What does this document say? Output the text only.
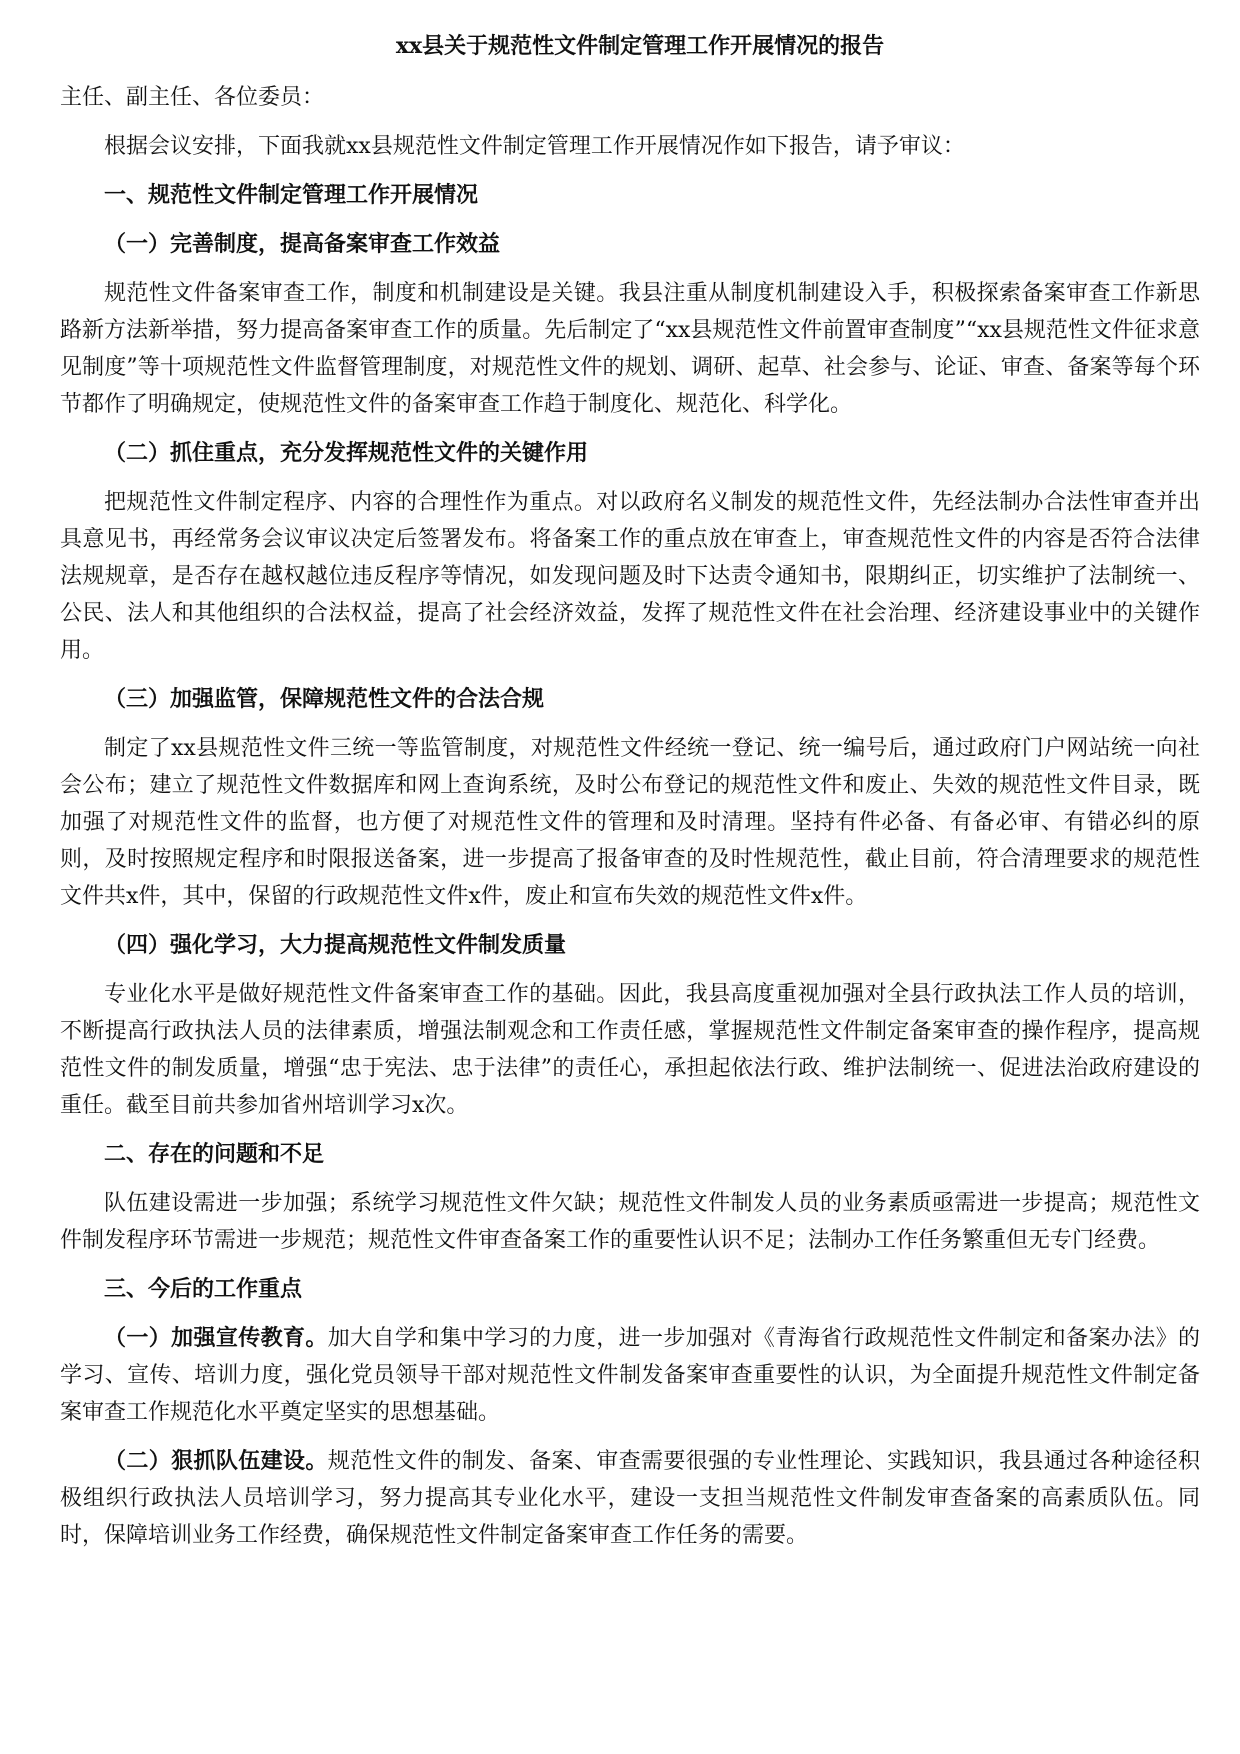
xx县关于规范性文件制定管理工作开展情况的报告
主任、副主任、各位委员：
根据会议安排，下面我就xx县规范性文件制定管理工作开展情况作如下报告，请予审议：
一、规范性文件制定管理工作开展情况
（一）完善制度，提高备案审查工作效益
规范性文件备案审查工作，制度和机制建设是关键。我县注重从制度机制建设入手，积极探索备案审查工作新思路新方法新举措，努力提高备案审查工作的质量。先后制定了“xx县规范性文件前置审查制度”“xx县规范性文件征求意见制度”等十项规范性文件监督管理制度，对规范性文件的规划、调研、起草、社会参与、论证、审查、备案等每个环节都作了明确规定，使规范性文件的备案审查工作趋于制度化、规范化、科学化。
（二）抓住重点，充分发挥规范性文件的关键作用
把规范性文件制定程序、内容的合理性作为重点。对以政府名义制发的规范性文件，先经法制办合法性审查并出具意见书，再经常务会议审议决定后签署发布。将备案工作的重点放在审查上，审查规范性文件的内容是否符合法律法规规章，是否存在越权越位违反程序等情况，如发现问题及时下达责令通知书，限期纠正，切实维护了法制统一、公民、法人和其他组织的合法权益，提高了社会经济效益，发挥了规范性文件在社会治理、经济建设事业中的关键作用。
（三）加强监管，保障规范性文件的合法合规
制定了xx县规范性文件三统一等监管制度，对规范性文件经统一登记、统一编号后，通过政府门户网站统一向社会公布；建立了规范性文件数据库和网上查询系统，及时公布登记的规范性文件和废止、失效的规范性文件目录，既加强了对规范性文件的监督，也方便了对规范性文件的管理和及时清理。坚持有件必备、有备必审、有错必纠的原则，及时按照规定程序和时限报送备案，进一步提高了报备审查的及时性规范性，截止目前，符合清理要求的规范性文件共x件，其中，保留的行政规范性文件x件，废止和宣布失效的规范性文件x件。
（四）强化学习，大力提高规范性文件制发质量
专业化水平是做好规范性文件备案审查工作的基础。因此，我县高度重视加强对全县行政执法工作人员的培训，不断提高行政执法人员的法律素质，增强法制观念和工作责任感，掌握规范性文件制定备案审查的操作程序，提高规范性文件的制发质量，增强“忠于宪法、忠于法律”的责任心，承担起依法行政、维护法制统一、促进法治政府建设的重任。截至目前共参加省州培训学习x次。
二、存在的问题和不足
队伍建设需进一步加强；系统学习规范性文件欠缺；规范性文件制发人员的业务素质亟需进一步提高；规范性文件制发程序环节需进一步规范；规范性文件审查备案工作的重要性认识不足；法制办工作任务繁重但无专门经费。
三、今后的工作重点
（一）加强宣传教育。加大自学和集中学习的力度，进一步加强对《青海省行政规范性文件制定和备案办法》的学习、宣传、培训力度，强化党员领导干部对规范性文件制发备案审查重要性的认识，为全面提升规范性文件制定备案审查工作规范化水平奠定坚实的思想基础。
（二）狠抓队伍建设。规范性文件的制发、备案、审查需要很强的专业性理论、实践知识，我县通过各种途径积极组织行政执法人员培训学习，努力提高其专业化水平，建设一支担当规范性文件制发审查备案的高素质队伍。同时，保障培训业务工作经费，确保规范性文件制定备案审查工作任务的需要。
